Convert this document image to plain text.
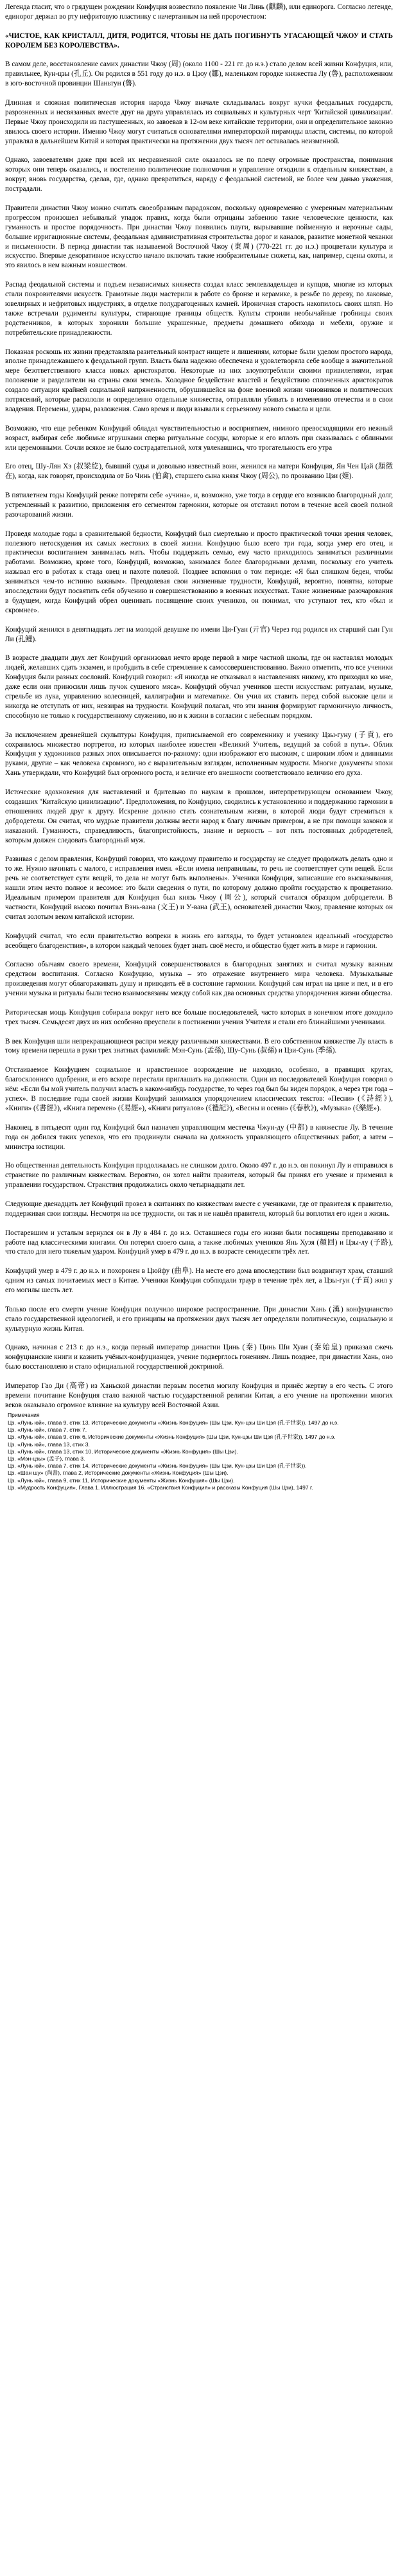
Легенда гласит, что о грядущем рождении Конфуция возвестило появление Чи Линь (麒麟), или единорога. Согласно легенде, единорог держал во рту нефритовую пластинку с начертанным на ней пророчеством:

«ЧИСТОЕ, КАК КРИСТАЛЛ, ДИТЯ, РОДИТСЯ, ЧТОБЫ НЕ ДАТЬ ПОГИБНУТЬ УГАСАЮЩЕЙ ЧЖОУ И СТАТЬ КОРОЛЕМ БЕЗ КОРОЛЕВСТВА».

В самом деле, восстановление самих династии Чжоу (周) (около 1100 - 221 гг. до н.э.) стало делом всей жизни Конфуция, или, правильнее, Кун-цзы (孔丘). Он родился в 551 году до н.э. в Цзоу (鄒), маленьком городке княжества Лу (魯), расположенном в юго-восточной провинции Шаньтун (魯).

Длинная и сложная политическая история народа Чжоу вначале складывалась вокруг кучки феодальных государств, разрозненных и несвязанных вместе друг на друга управлялась из социальных и культурных черт 'Китайской цивилизации'. Первые Чжоу происходили из пастушеенных, но завоевав в 12-ом веке китайские территории, они и определительное законно явилось своего истории. Именно Чжоу могут считаться основателями императорской пирамиды власти, системы, по которой управлял в дальнейшем Китай и которая практически на протяжении двух тысяч лет оставалась неизменной.

Однако, завоевателям даже при всей их несравненной силе оказалось не по плечу огромные пространства, понимания которых они теперь оказались, и постепенно политические полномочия и управление отходили к отдельным княжествам, а вокруг, вновь государства, сделав, где, однако превратиться, наряду с феодальной системой, не более чем данью уважения, пострадали.

Правители династии Чжоу можно считать своеобразным парадоксом, поскольку одновременно с умеренным материальным прогрессом произошел небывалый упадок правих, когда были отрицаны забвению такие человеческие ценности, как гуманность и простое порядочность. При династии Чжоу появились плуги, вырывавшие пойменную и нерочные сады, большие ирригационные системы, феодальная административная строительства дорог и каналов, развитие монетной чеканки и письменности. В период династии так называемой Восточной Чжоу (東周) (770-221 гг. до н.э.) процветали культура и искусство. Впервые декоративное искусство начало включать такие изобразительные сюжеты, как, например, сцены охоты, и это явилось в нем важным новшеством.

Распад феодальной системы и подъем независимых княжеств создал класс землевладельцев и купцов, многие из которых стали покровителями искусств. Грамотные люди мастерили в работе со бронзе и керамике, в резьбе по дереву, по лаковые, ювелирных и нефритовых индустриях, в отделке полудрагоценных камней. Ироничная старость накопилось своих шляп. Но также встречали рудименты культуры, стирающие границы обществ. Культы строили необычайные гробницы своих родственников, в которых хоронили большие украшенные, предметы домашнего обихода и мебели, оружие и потребительские принадлежности.

Показная роскошь их жизни представляла разительный контраст нищете и лишениям, которые были уделом простого народа, вполне принадлежавшего к феодальной групп. Власть была надежно обеспечена и удовлетворяла себе вообще в значительной мере безответственного класса новых аристократов. Некоторые из них злоупотребляли своими привилегиями, играя положение и разделители на страны свои земель. Холодное бездействие властей и бездействию сплоченных аристократов создало ситуации крайней социальной напряженности, обрушившейся на фоне военной жизни чиновников и политических потрясений, которые раскололи и определенно отдельные княжества, отправляли убивать в изменению отечества и в свои владения. Перемены, удары, разложения. Само время и люди взывали к серьезному нового смысла и цели.

Возможно, что еще ребенком Конфуций обладал чувствительностью и восприятием, нимного превосходящими его нежный возраст, выбирая себе любимые игрушками сперва ритуальные сосуды, которые и его вплоть при сказывалась с облиными или церемонными. Сочли всякое не было сострадательной, хотя увлекавшись, что трогательность его утра

Его отец, Шу-Лян Хэ (叔梁紇), бывший судья и довольно известный воин, женился на матери Конфуция, Ян Чен Цай (顏徵在), когда, как говорят, происходила от Бо Чинь (伯禽), старшего сына князя Чжоу (周公), по прозванию Цзи (姬).

В пятилетнем годы Конфуций ренже потеряти себе «учина», и, возможно, уже тогда в сердце его возникло благородный долг, устремленный к развитию, приложения его сегментом гармонии, которые он отставил потом в течение всей своей полной разочарований жизни.

Проведя молодые годы в сравнительной бедности, Конфуций был смертельно и просто практической точки зрения человек, полезного нетоскудения их самых жестоких в своей жизни. Конфуцию было всего три года, когда умер его отец, и практически воспитанием занималась мать. Чтобы поддержать семью, ему часто приходилось заниматься различными работами. Возможно, кроме того, Конфуций, возможно, занимался более благородными делами, поскольку его учитель называл его в работах к стада овец и пахоте полевой. Позднее вспомнил о том периоде: «Я был слишком беден, чтобы заниматься чем-то истинно важным». Преодолевая свои жизненные трудности, Конфуций, вероятно, понятна, которые впоследствии будут посвятить себя обучению и совершенствованию в военных искусствах. Такие жизненные разочарования в будущем, когда Конфуций обрел оценивать посвящение своих учеников, он понимал, что уступают тех, кто «был и скромнее».

Конфуций женился в девятнадцать лет на молодой девушке по имени Ци-Гуан (亓官) Через год родился их старший сын Гун Ли (孔鯉).

В возрасте двадцати двух лет Конфуций организовал нечто вроде первой в мире частной школы, где он наставлял молодых людей, желавших сдать экзамен, и пробудить в себе стремление к самосовершенствованию. Важно отметить, что все ученики Конфуция были разных сословий. Конфуций говорил: «Я никогда не отказывал в наставлениях никому, кто приходил ко мне, даже если они приносили лишь пучок сушеного мяса». Конфуций обучал учеников шести искусствам: ритуалам, музыке, стрельбе из лука, управлению колесницей, каллиграфии и математике. Он учил их ставить перед собой высокие цели и никогда не отступать от них, невзирая на трудности. Конфуций полагал, что эти знания формируют гармоничную личность, способную не только к государственному служению, но и к жизни в согласии с небесным порядком.

За исключением древнейшей скульптуры Конфуция, приписываемой его современнику и ученику Цзы-гуну (子貢), его сохранилось множество портретов, из которых наиболее известен «Великий Учитель, ведущий за собой в путь». Облик Конфуция у художников разных эпох описывается по-разному: одни изображают его высоким, с широким лбом и длинными руками, другие – как человека скромного, но с выразительным взглядом, исполненным мудрости. Многие документы эпохи Хань утверждали, что Конфуций был огромного роста, и величие его внешности соответствовало величию его духа.

Источеские вдохновения для наставлений и бдительно по наукам в прошлом, интерпретирующем основанием Чжоу, создавших ''Китайскую цивилизацию''. Предположения, по Конфуцию, сводились к установлению и поддержанию гармонии в отношениях людей друг к другу. Искренне должно стать сознательным жизни, в которой люди будут стремиться к добродетели. Он считал, что мудрые правители должны вести народ к благу личным примером, а не при помощи законов и наказаний. Гуманность, справедливость, благопристойность, знание и верность – вот пять постоянных добродетелей, которым должен следовать благородный муж.

Развивая с делом правления, Конфуций говорил, что каждому правителю и государству не следует продолжать делать одно и то же. Нужно начинать с малого, с исправления имен. «Если имена неправильны, то речь не соответствует сути вещей. Если речь не соответствует сути вещей, то дела не могут быть выполнены». Ученики Конфуция, записавшие его высказывания, нашли этим нечто полное и весомое: это были сведения о пути, по которому должно пройти государство к процветанию. Идеальным примером правителя для Конфуция был князь Чжоу (周公), который считался образцом добродетели. В частности, Конфуций высоко почитал Вэнь-вана (文王) и У-вана (武王), основателей династии Чжоу, правление которых он считал золотым веком китайской истории.

Конфуций считал, что если правительство вопреки в жизнь его взгляды, то будет установлен идеальный «государство всеобщего благоденствия», в котором каждый человек будет знать своё место, и общество будет жить в мире и гармонии.

Согласно обычаям своего времени, Конфуций совершенствовался в благородных занятиях и считал музыку важным средством воспитания. Согласно Конфуцию, музыка – это отражение внутреннего мира человека. Музыкальные произведения могут облагораживать душу и приводить её в состояние гармонии. Конфуций сам играл на цине и пел, и в его учении музыка и ритуалы были тесно взаимосвязаны между собой как два основных средства упорядочения жизни общества.

Риторическая мощь Конфуция собирала вокруг него все больше последователей, часто которых в конечном итоге доходило трех тысяч. Семьдесят двух из них особенно преуспели в постижении учения Учителя и стали его ближайшими учениками.

В век Конфуция шли непрекращающиеся распри между различными княжествами. В его собственном княжестве Лу власть в тому времени перешла в руки трех знатных фамилий: Мэн-Сунь (孟孫), Шу-Сунь (叔孫) и Цзи-Сунь (季孫).

Отстаиваемое Конфуцием социальное и нравственное возрождение не находило, особенно, в правящих кругах, благосклонного одобрения, и его вскоре перестали приглашать на должности. Один из последователей Конфуция говорил о нём: «Если бы мой учитель получил власть в каком-нибудь государстве, то через год был бы виден порядок, а через три года – успех». В последние годы своей жизни Конфуций занимался упорядочением классических текстов: «Песни» (《詩經》), «Книги» (《書經》), «Книга перемен» (《易經»), «Книги ритуалов» (《禮記》), «Весны и осени» (《春秋》), «Музыка» (《樂經»).

Наконец, в пятьдесят один год Конфуций был назначен управляющим местечка Чжун-ду (中都) в княжестве Лу. В течение года он добился таких успехов, что его продвинули сначала на должность управляющего общественных работ, а затем – министра юстиции.

Но общественная деятельность Конфуция продолжалась не слишком долго. Около 497 г. до н.э. он покинул Лу и отправился в странствие по различным княжествам. Вероятно, он хотел найти правителя, который бы принял его учение и применил в управлении государством. Странствия продолжались около четырнадцати лет.

Следующие двенадцать лет Конфуций провел в скитаниях по княжествам вместе с учениками, где от правителя к правителю, поддерживая свои взгляды. Несмотря на все трудности, он так и не нашёл правителя, который бы воплотил его идеи в жизнь.

Постаревшим и усталым вернулся он в Лу в 484 г. до н.э. Оставшиеся годы его жизни были посвящены преподаванию и работе над классическими книгами. Он потерял своего сына, а также любимых учеников Янь Хуэя (顏回) и Цзы-лу (子路), что стало для него тяжелым ударом. Конфуций умер в 479 г. до н.э. в возрасте семидесяти трёх лет.

Конфуций умер в 479 г. до н.э. и похоронен в Цюйфу (曲阜). На месте его дома впоследствии был воздвигнут храм, ставший одним из самых почитаемых мест в Китае. Ученики Конфуция соблюдали траур в течение трёх лет, а Цзы-гун (子貢) жил у его могилы шесть лет.

Только после его смерти учение Конфуция получило широкое распространение. При династии Хань (漢) конфуцианство стало государственной идеологией, и его принципы на протяжении двух тысяч лет определяли политическую, социальную и культурную жизнь Китая.

Однако, начиная с 213 г. до н.э., когда первый император династии Цинь (秦) Цинь Ши Хуан (秦始皇) приказал сжечь конфуцианские книги и казнить учёных-конфуцианцев, учение подверглось гонениям. Лишь позднее, при династии Хань, оно было восстановлено и стало официальной государственной доктриной.

Император Гао Ди (高帝) из Ханьской династии первым посетил могилу Конфуция и принёс жертву в его честь. С этого времени почитание Конфуция стало важной частью государственной религии Китая, а его учение на протяжении многих веков оказывало огромное влияние на культуру всей Восточной Азии.

Примечания

Цз. «Лунь юй», глава 9, стих 13, Исторические документы «Жизнь Конфуция» (Шы Цзи, Кун-цзы Ши Цзя (孔子世家)), 1497 до н.э.

Цз. «Лунь юй», глава 7, стих 7.

Цз. «Лунь юй», глава 9, стих 6, Исторические документы «Жизнь Конфуция» (Шы Цзи, Кун-цзы Ши Цзя (孔子世家)), 1497 до н.э.

Цз. «Лунь юй», глава 13, стих 3.

Цз. «Лунь юй», глава 13, стих 10, Исторические документы «Жизнь Конфуция» (Шы Цзи).

Цз. «Мэн-цзы» (孟子), глава 3.

Цз. «Лунь юй», глава 7, стих 14, Исторические документы «Жизнь Конфуция» (Шы Цзи, Кун-цзы Ши Цзя (孔子世家)).

Цз. «Шан шу» (尚書), глава 2, Исторические документы «Жизнь Конфуция» (Шы Цзи).

Цз. «Лунь юй», глава 9, стих 11, Исторические документы «Жизнь Конфуция» (Шы Цзи).

Цз. «Мудрость Конфуция», Глава 1. Иллюстрация 16. «Странствия Конфуция» и рассказы Конфуция (Шы Цзи), 1497 г.
